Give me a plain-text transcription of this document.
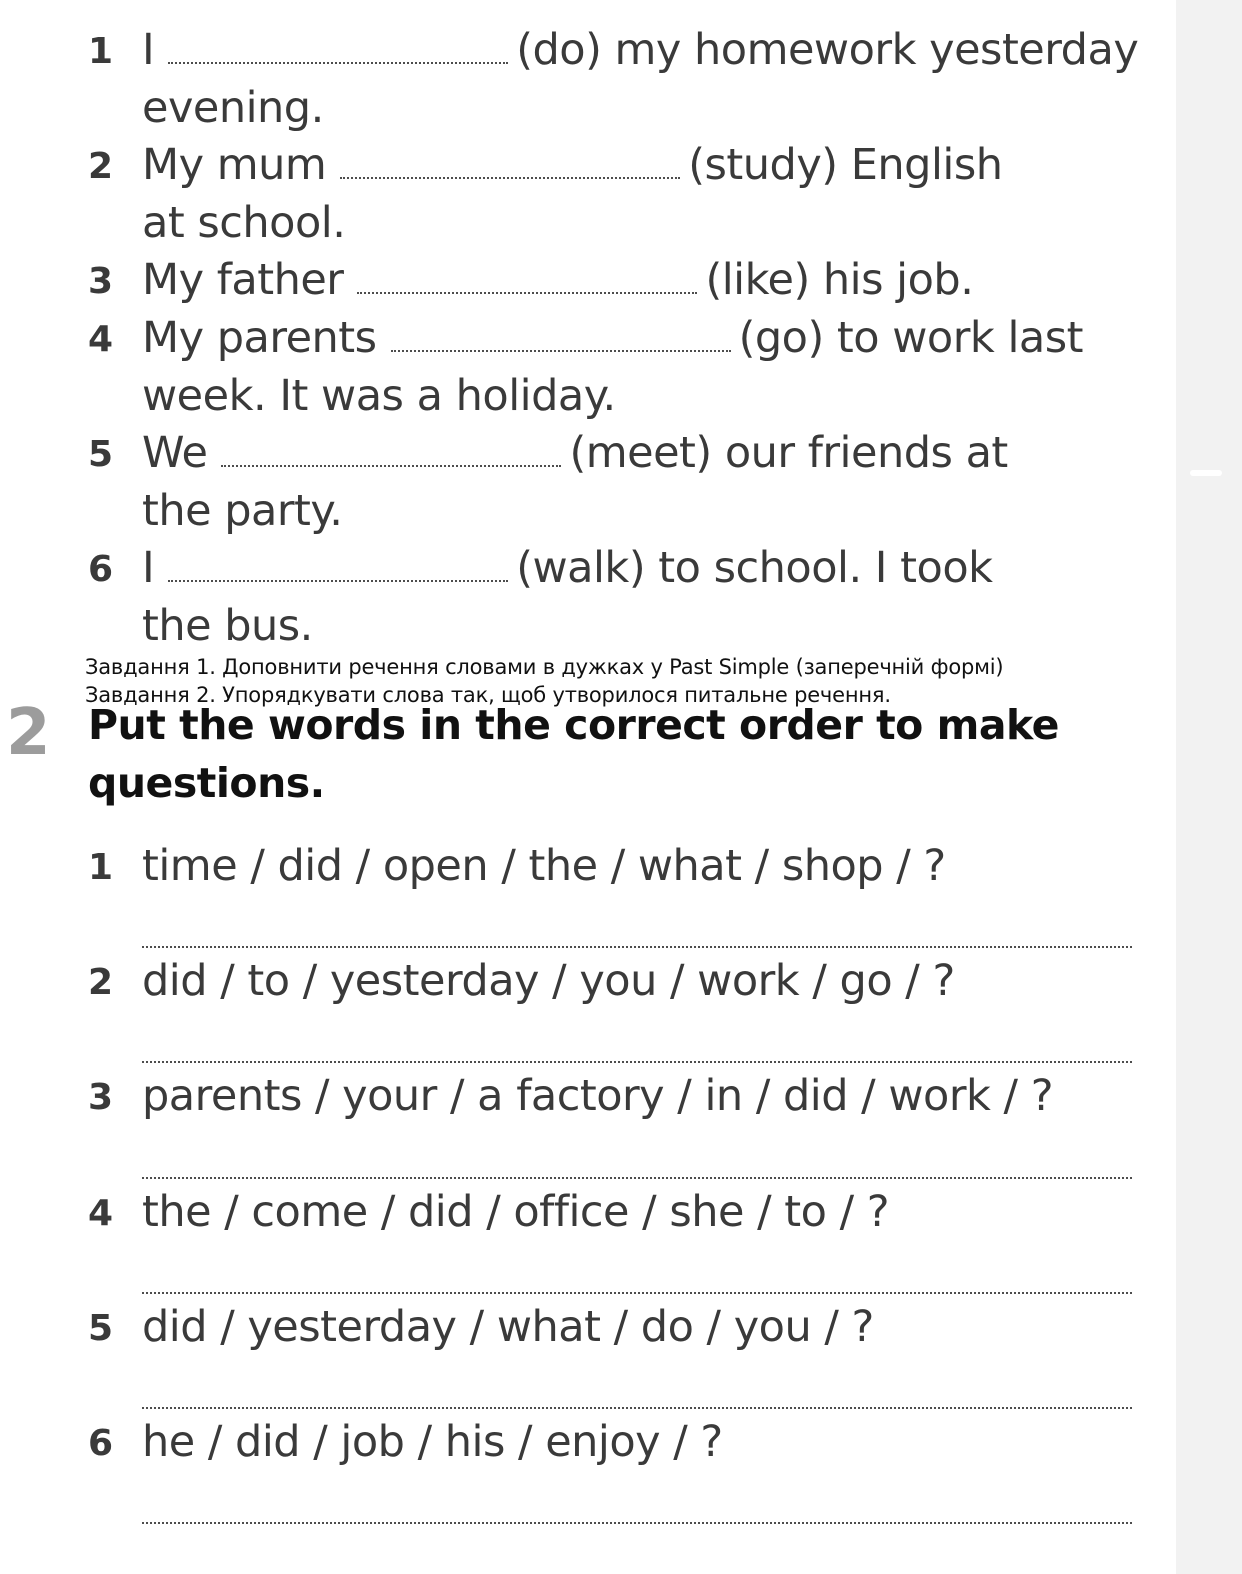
1 I	(do) my homework yesterday
evening.
2 My mum	(study) English
at school.
3 My father	(like) his job.
4 My parents	(go) to work last
week. It was a holiday.
5 We	(meet) our friends at
the party.
6 I	(walk) to school. I took
the bus.
Завдання 1. Доповнити речення словами в дужках у Past Simple (заперечній формі)
Завдання 2. Упорядкувати слова так, щоб утворилося питальне речення.
2 Put the words in the correct order to make
questions.
1 time / did / open / the / what / shop / ?
2 did / to / yesterday / you / work / go / ?
3 parents / your / a factory / in / did / work / ?
4 the / come / did / office / she / to / ?
5 did / yesterday / what / do / you / ?
6 he / did / job / his / enjoy / ?
